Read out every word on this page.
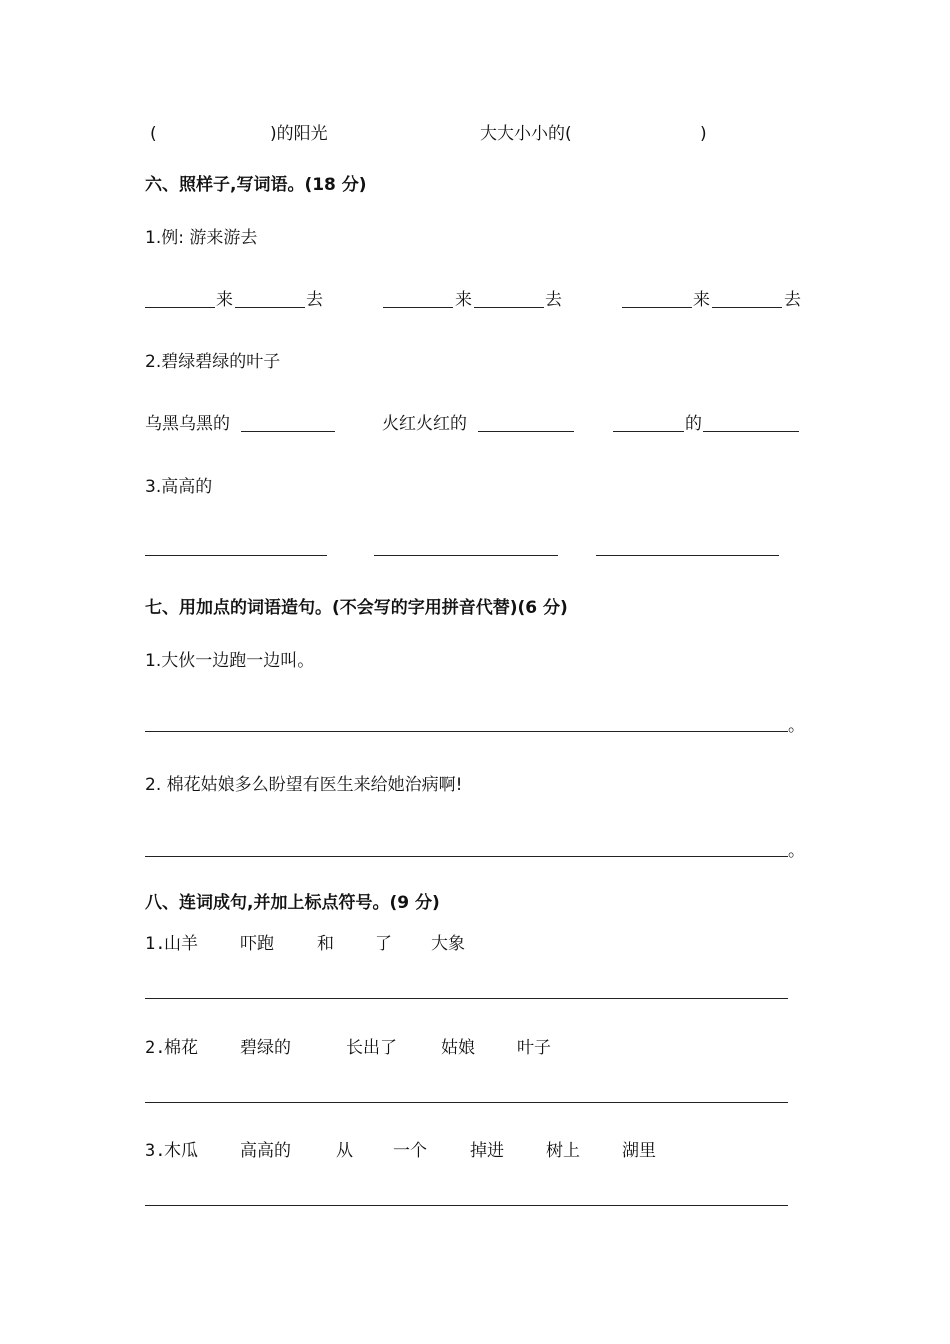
(	)的阳光	大大小小的(	)
六、照样子,写词语。(18 分)
1.例: 游来游去
来	去	来	去	来	去
2.碧绿碧绿的叶子
乌黑乌黑的	火红火红的	的
3.高高的
七、用加点的词语造句。(不会写的字用拼音代替)(6 分)
1.大伙一边跑一边叫。
。
2. 棉花姑娘多么盼望有医生来给她治病啊!
。
八、连词成句,并加上标点符号。(9 分)
1.
山羊 吓跑	和 了 大象
2.
棉花 碧绿的	长出了	姑娘 叶子
3.
木瓜 高高的	从 一个	掉进 树上 湖里
